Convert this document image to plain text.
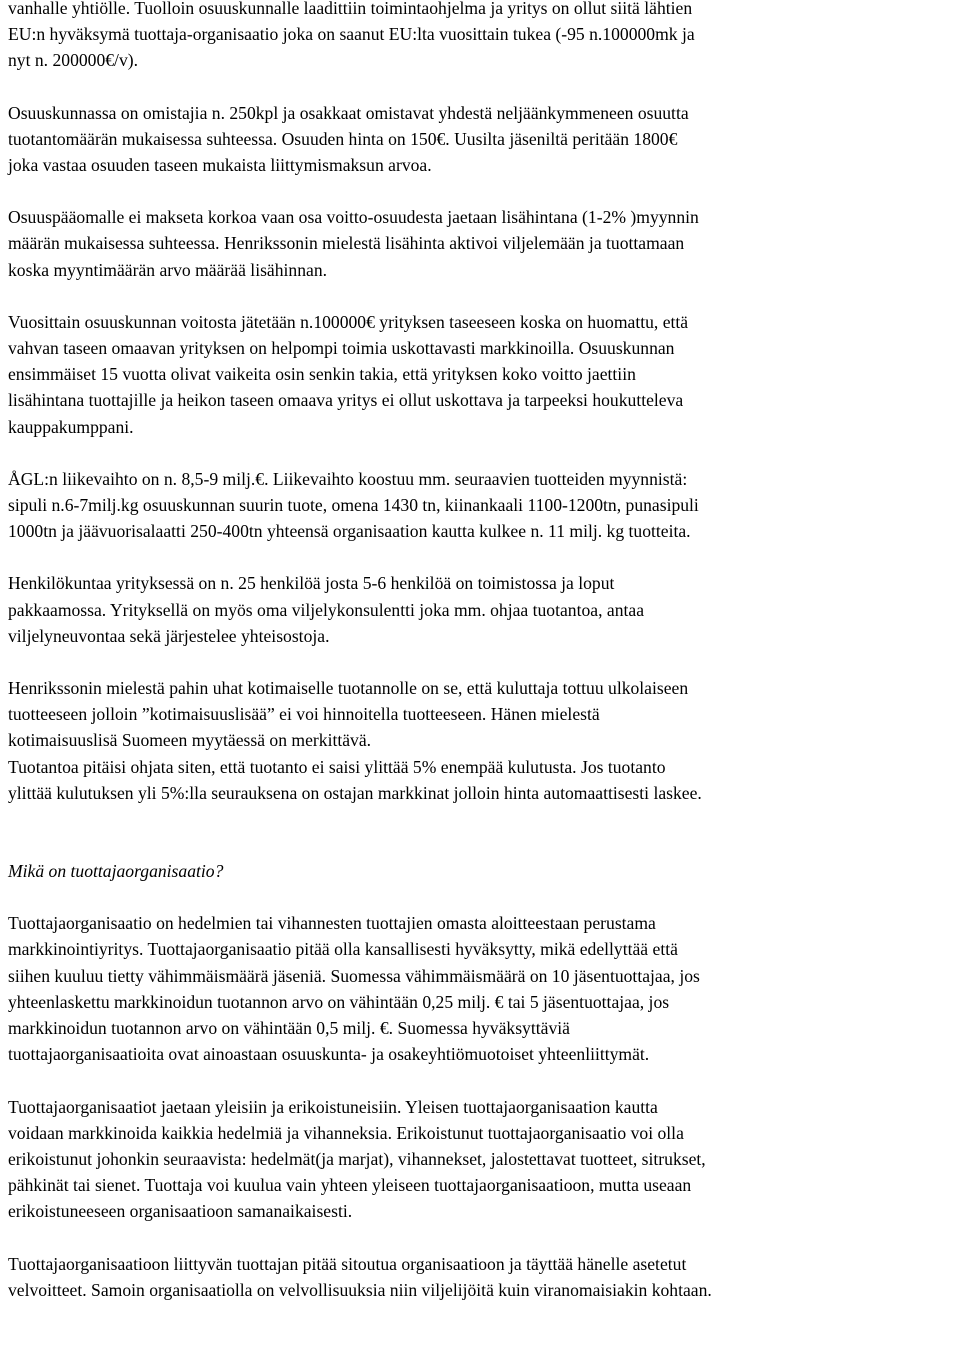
vanhalle yhtiölle. Tuolloin osuuskunnalle laadittiin toimintaohjelma ja yritys on ollut siitä lähtien
EU:n hyväksymä tuottaja-organisaatio joka on saanut EU:lta vuosittain tukea (-95 n.100000mk ja
nyt n. 200000€/v).
Osuuskunnassa on omistajia n. 250kpl ja osakkaat omistavat yhdestä neljäänkymmeneen osuutta
tuotantomäärän mukaisessa suhteessa. Osuuden hinta on 150€. Uusilta jäseniltä peritään 1800€
joka vastaa osuuden taseen mukaista liittymismaksun arvoa.
Osuuspääomalle ei makseta korkoa vaan osa voitto-osuudesta jaetaan lisähintana (1-2% )myynnin
määrän mukaisessa suhteessa. Henrikssonin mielestä lisähinta aktivoi viljelemään ja tuottamaan
koska myyntimäärän arvo määrää lisähinnan.
Vuosittain osuuskunnan voitosta jätetään n.100000€ yrityksen taseeseen koska on huomattu, että
vahvan taseen omaavan yrityksen on helpompi toimia uskottavasti markkinoilla. Osuuskunnan
ensimmäiset 15 vuotta olivat vaikeita osin senkin takia, että yrityksen koko voitto jaettiin
lisähintana tuottajille ja heikon taseen omaava yritys ei ollut uskottava ja tarpeeksi houkutteleva
kauppakumppani.
ÅGL:n liikevaihto on n. 8,5-9 milj.€. Liikevaihto koostuu mm. seuraavien tuotteiden myynnistä:
sipuli n.6-7milj.kg osuuskunnan suurin tuote, omena 1430 tn, kiinankaali 1100-1200tn, punasipuli
1000tn ja jäävuorisalaatti 250-400tn yhteensä organisaation kautta kulkee n. 11 milj. kg tuotteita.
Henkilökuntaa yrityksessä on n. 25 henkilöä josta 5-6 henkilöä on toimistossa ja loput
pakkaamossa. Yrityksellä on myös oma viljelykonsulentti joka mm. ohjaa tuotantoa, antaa
viljelyneuvontaa sekä järjestelee yhteisostoja.
Henrikssonin mielestä pahin uhat kotimaiselle tuotannolle on se, että kuluttaja tottuu ulkolaiseen
tuotteeseen jolloin ”kotimaisuuslisää” ei voi hinnoitella tuotteeseen. Hänen mielestä
kotimaisuuslisä Suomeen myytäessä on merkittävä.
Tuotantoa pitäisi ohjata siten, että tuotanto ei saisi ylittää 5% enempää kulutusta. Jos tuotanto
ylittää kulutuksen yli 5%:lla seurauksena on ostajan markkinat jolloin hinta automaattisesti laskee.

Mikä on tuottajaorganisaatio?

Tuottajaorganisaatio on hedelmien tai vihannesten tuottajien omasta aloitteestaan perustama
markkinointiyritys. Tuottajaorganisaatio pitää olla kansallisesti hyväksytty, mikä edellyttää että
siihen kuuluu tietty vähimmäismäärä jäseniä. Suomessa vähimmäismäärä on 10 jäsentuottajaa, jos
yhteenlaskettu markkinoidun tuotannon arvo on vähintään 0,25 milj. € tai 5 jäsentuottajaa, jos
markkinoidun tuotannon arvo on vähintään 0,5 milj. €. Suomessa hyväksyttäviä
tuottajaorganisaatioita ovat ainoastaan osuuskunta- ja osakeyhtiömuotoiset yhteenliittymät.
Tuottajaorganisaatiot jaetaan yleisiin ja erikoistuneisiin. Yleisen tuottajaorganisaation kautta
voidaan markkinoida kaikkia hedelmiä ja vihanneksia. Erikoistunut tuottajaorganisaatio voi olla
erikoistunut johonkin seuraavista: hedelmät(ja marjat), vihannekset, jalostettavat tuotteet, sitrukset,
pähkinät tai sienet. Tuottaja voi kuulua vain yhteen yleiseen tuottajaorganisaatioon, mutta useaan
erikoistuneeseen organisaatioon samanaikaisesti.
Tuottajaorganisaatioon liittyvän tuottajan pitää sitoutua organisaatioon ja täyttää hänelle asetetut
velvoitteet. Samoin organisaatiolla on velvollisuuksia niin viljelijöitä kuin viranomaisiakin kohtaan.
